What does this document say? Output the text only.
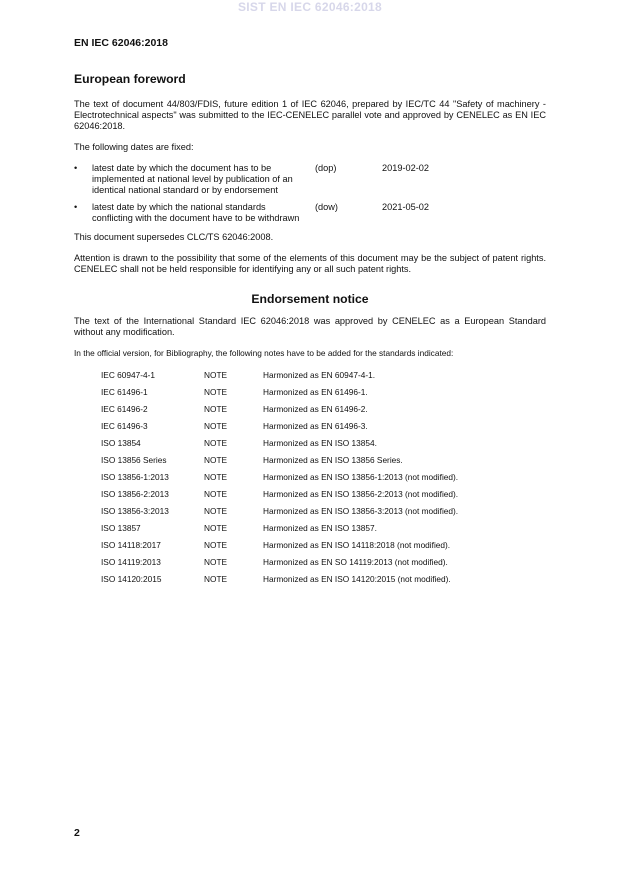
SIST EN IEC 62046:2018
EN IEC 62046:2018
European foreword

The text of document 44/803/FDIS, future edition 1 of IEC 62046, prepared by IEC/TC 44 "Safety of machinery - Electrotechnical aspects" was submitted to the IEC-CENELEC parallel vote and approved by CENELEC as EN IEC 62046:2018.

The following dates are fixed:

• latest date by which the document has to be implemented at national level by publication of an identical national standard or by endorsement
(dop)	2019-02-02
• latest date by which the national standards conflicting with the document have to be withdrawn
(dow)	2021-05-02

This document supersedes CLC/TS 62046:2008.

Attention is drawn to the possibility that some of the elements of this document may be the subject of patent rights. CENELEC shall not be held responsible for identifying any or all such patent rights.

Endorsement notice

The text of the International Standard IEC 62046:2018 was approved by CENELEC as a European Standard without any modification.

In the official version, for Bibliography, the following notes have to be added for the standards indicated:

IEC 60947-4-1	NOTE	Harmonized as EN 60947-4-1.
IEC 61496-1	NOTE	Harmonized as EN 61496-1.
IEC 61496-2	NOTE	Harmonized as EN 61496-2.
IEC 61496-3	NOTE	Harmonized as EN 61496-3.
ISO 13854	NOTE	Harmonized as EN ISO 13854.
ISO 13856 Series	NOTE	Harmonized as EN ISO 13856 Series.
ISO 13856-1:2013	NOTE	Harmonized as EN ISO 13856-1:2013 (not modified).
ISO 13856-2:2013	NOTE	Harmonized as EN ISO 13856-2:2013 (not modified).
ISO 13856-3:2013	NOTE	Harmonized as EN ISO 13856-3:2013 (not modified).
ISO 13857	NOTE	Harmonized as EN ISO 13857.
ISO 14118:2017	NOTE	Harmonized as EN ISO 14118:2018 (not modified).
ISO 14119:2013	NOTE	Harmonized as EN SO 14119:2013 (not modified).
ISO 14120:2015	NOTE	Harmonized as EN ISO 14120:2015 (not modified).
2
